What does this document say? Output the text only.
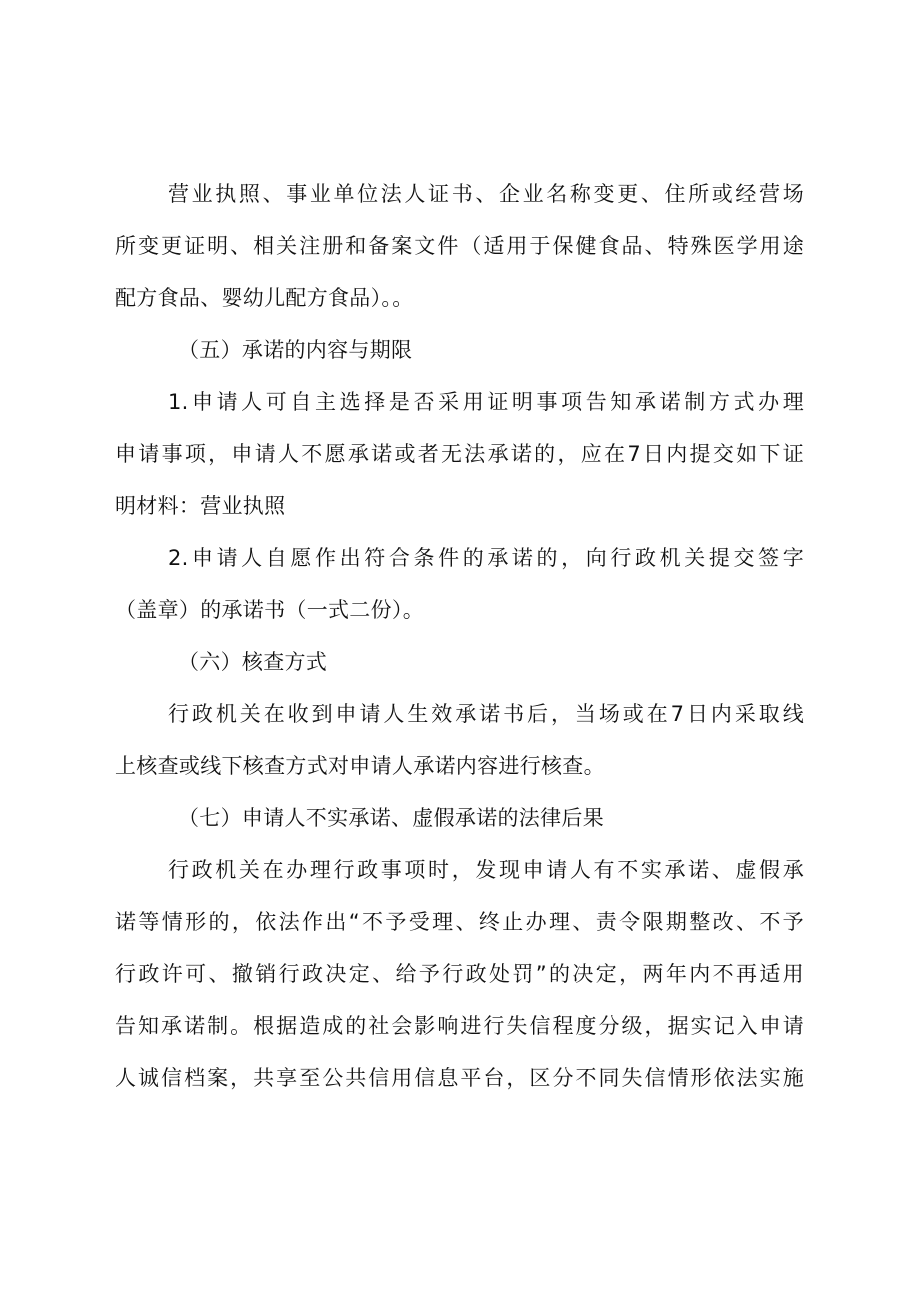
营业执照、事业单位法人证书、企业名称变更、住所或经营场
所变更证明、相关注册和备案文件（适用于保健食品、特殊医学用途
配方食品、婴幼儿配方食品）。。
（五）承诺的内容与期限
1.申请人可自主选择是否采用证明事项告知承诺制方式办理
申请事项，申请人不愿承诺或者无法承诺的，应在7日内提交如下证
明材料：营业执照
2.申请人自愿作出符合条件的承诺的，向行政机关提交签字
（盖章）的承诺书（一式二份）。
（六）核查方式
行政机关在收到申请人生效承诺书后，当场或在7日内采取线
上核查或线下核查方式对申请人承诺内容进行核查。
（七）申请人不实承诺、虚假承诺的法律后果
行政机关在办理行政事项时，发现申请人有不实承诺、虚假承
诺等情形的，依法作出“不予受理、终止办理、责令限期整改、不予
行政许可、撤销行政决定、给予行政处罚”的决定，两年内不再适用
告知承诺制。根据造成的社会影响进行失信程度分级，据实记入申请
人诚信档案，共享至公共信用信息平台，区分不同失信情形依法实施
